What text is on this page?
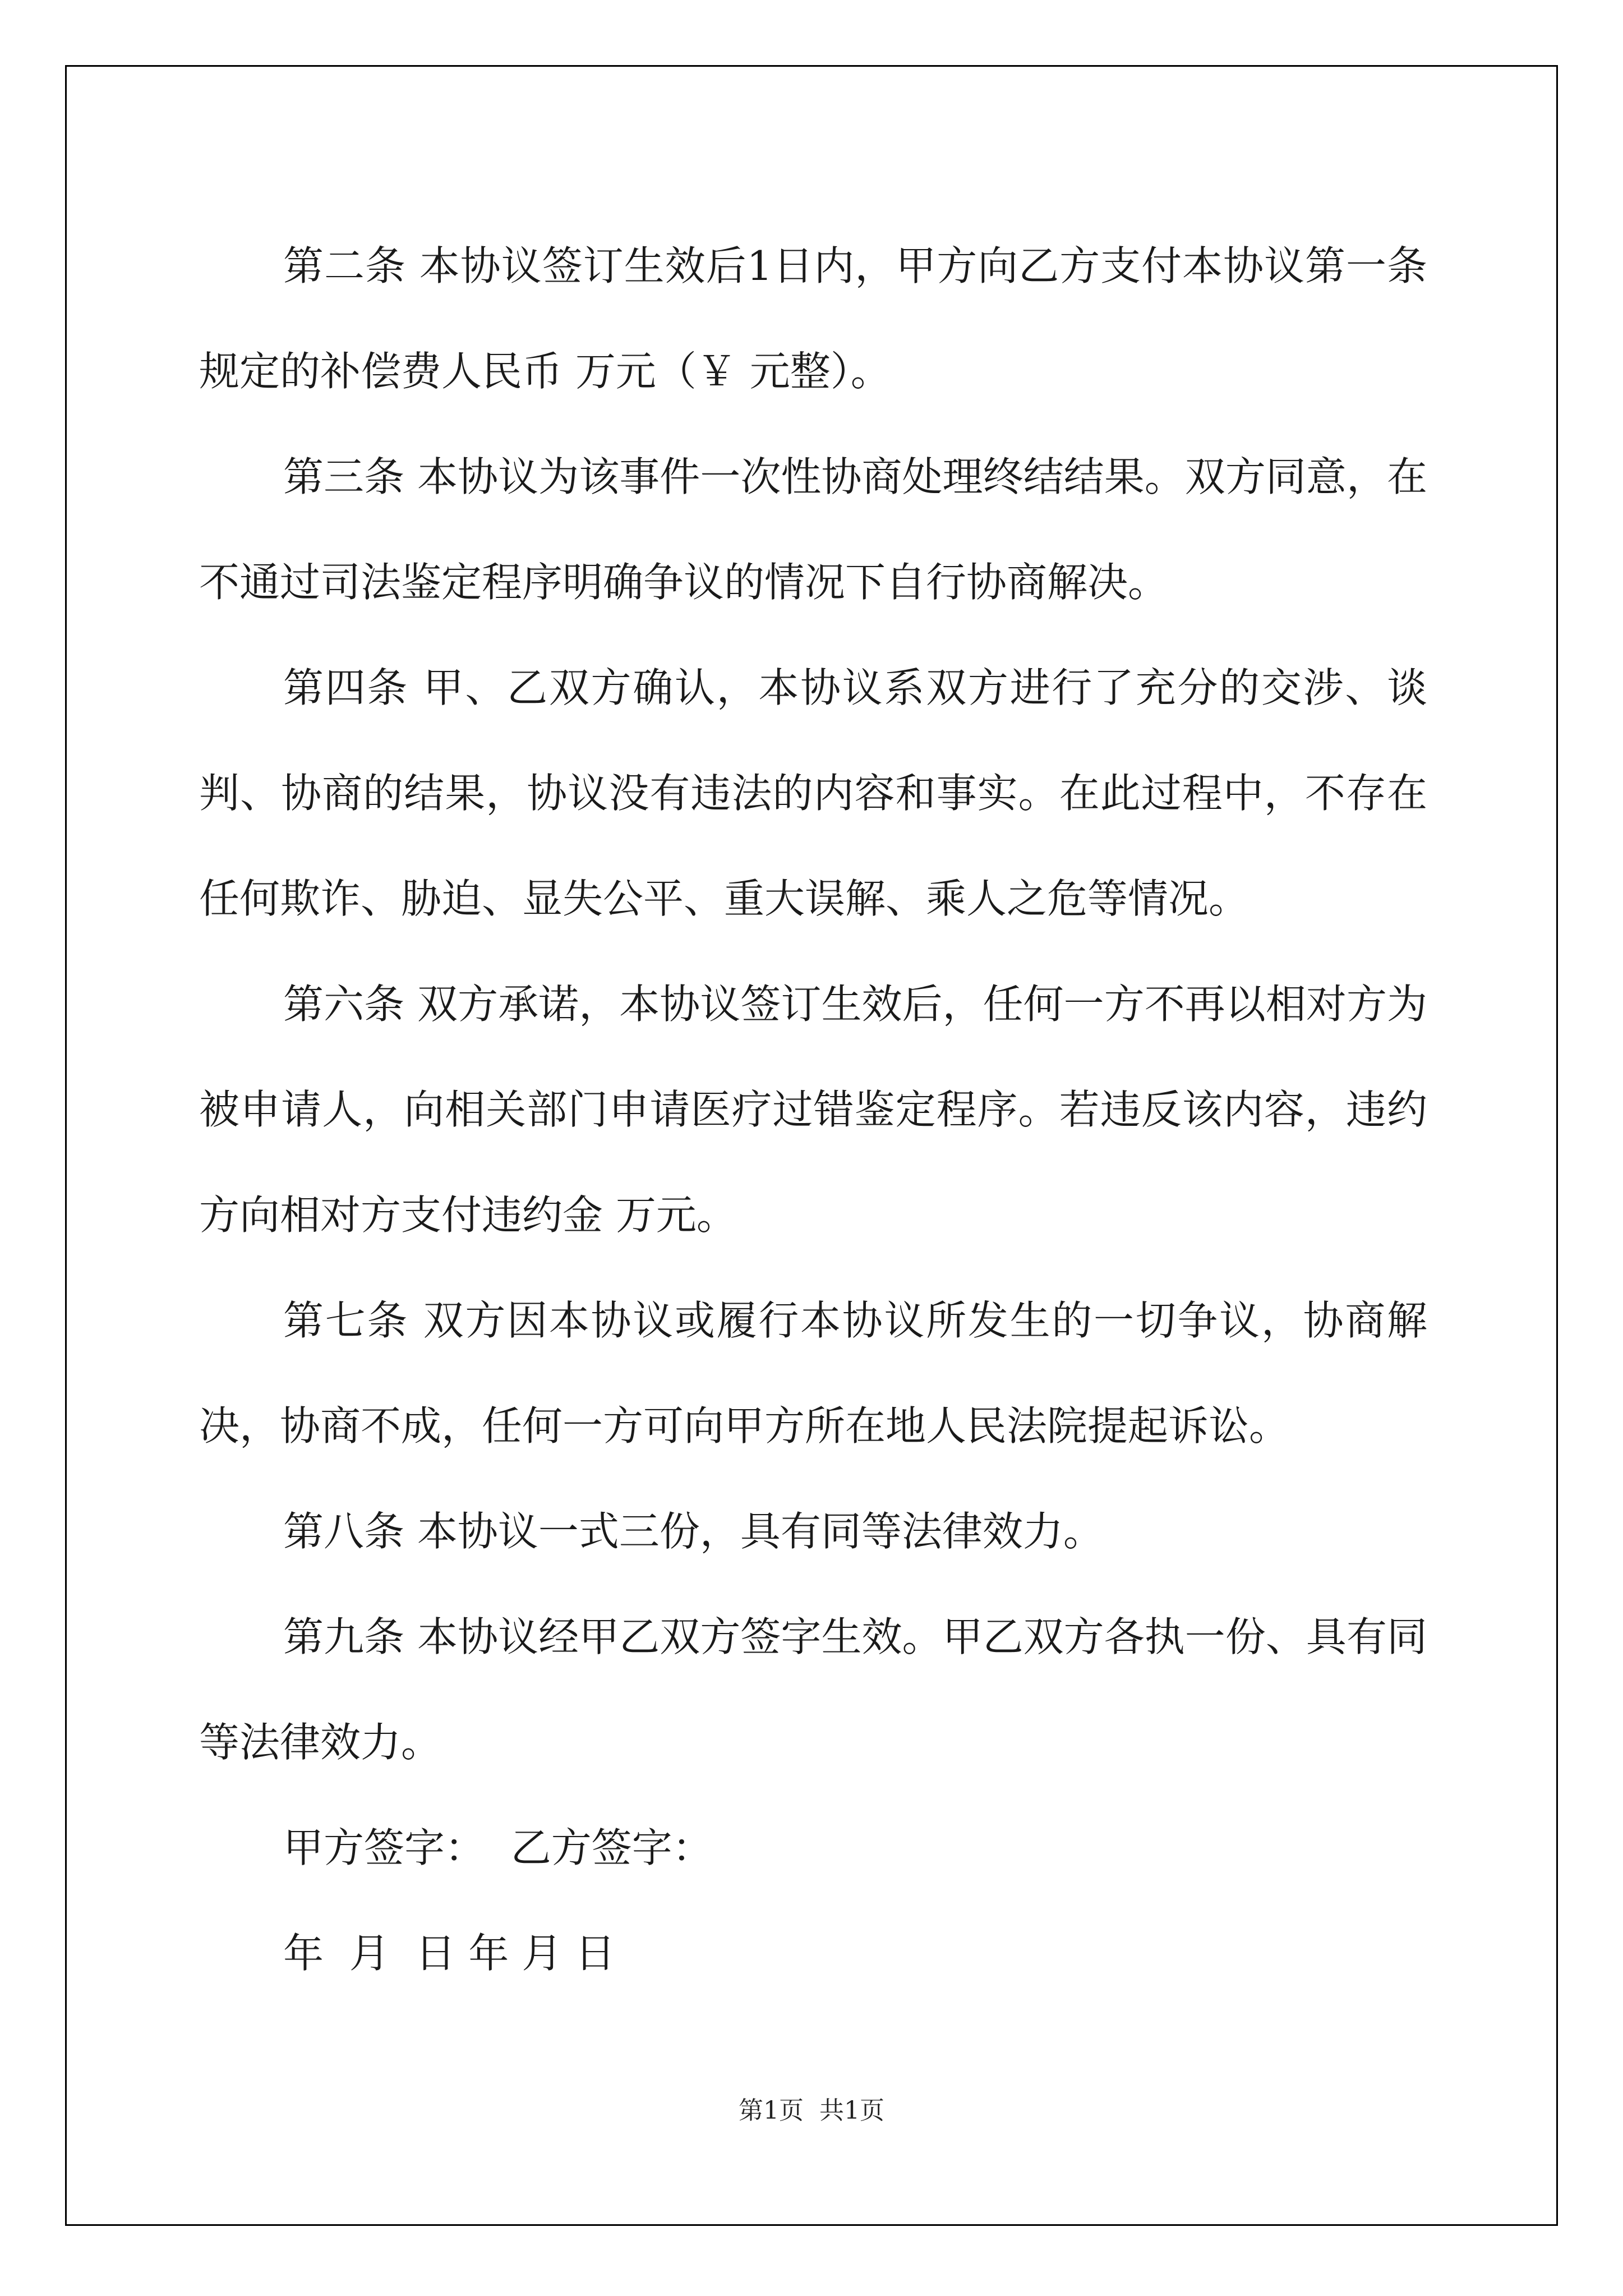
第二条 本协议签订生效后1日内，甲方向乙方支付本协议第一条规定的补偿费人民币 万元（￥ 元整）。

第三条 本协议为该事件一次性协商处理终结结果。双方同意，在不通过司法鉴定程序明确争议的情况下自行协商解决。

第四条 甲、乙双方确认，本协议系双方进行了充分的交涉、谈判、协商的结果，协议没有违法的内容和事实。在此过程中，不存在任何欺诈、胁迫、显失公平、重大误解、乘人之危等情况。

第六条 双方承诺，本协议签订生效后，任何一方不再以相对方为被申请人，向相关部门申请医疗过错鉴定程序。若违反该内容，违约方向相对方支付违约金 万元。

第七条 双方因本协议或履行本协议所发生的一切争议，协商解决，协商不成，任何一方可向甲方所在地人民法院提起诉讼。

第八条 本协议一式三份，具有同等法律效力。

第九条 本协议经甲乙双方签字生效。甲乙双方各执一份、具有同等法律效力。

甲方签字：  乙方签字：

年  月  日 年 月 日

第1页  共1页
